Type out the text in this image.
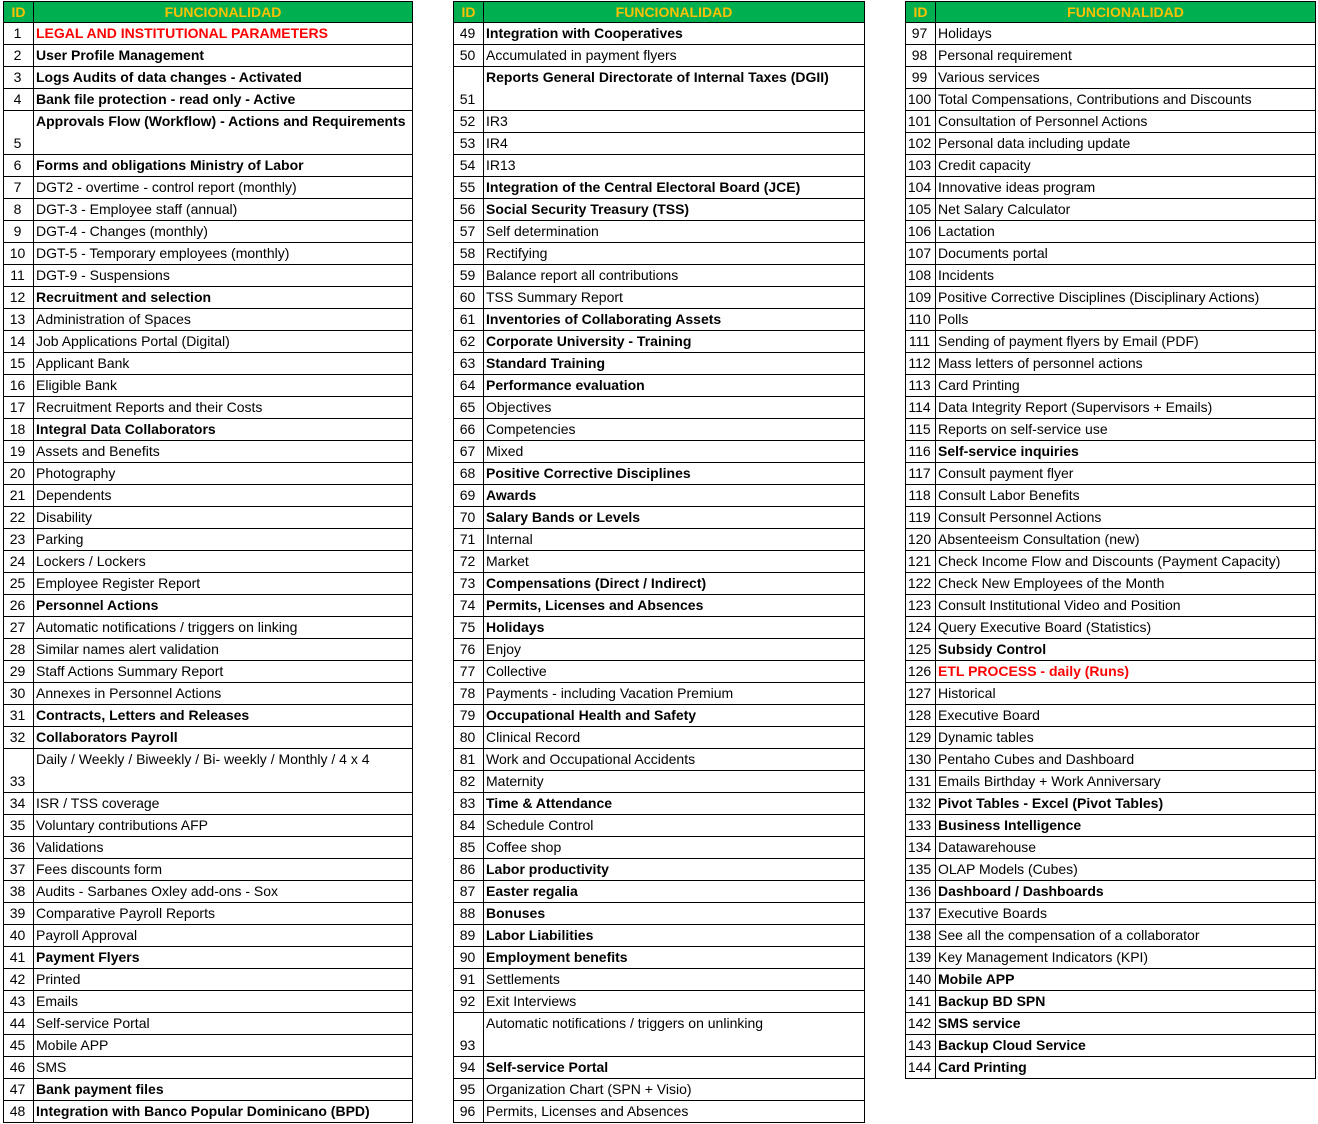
ID	FUNCIONALIDAD
1	LEGAL AND INSTITUTIONAL PARAMETERS
2	User Profile Management
3	Logs Audits of data changes - Activated
4	Bank file protection - read only - Active
5	Approvals Flow (Workflow) - Actions and Requirements
6	Forms and obligations Ministry of Labor
7	DGT2 - overtime - control report (monthly)
8	DGT-3 - Employee staff (annual)
9	DGT-4 - Changes (monthly)
10	DGT-5 - Temporary employees (monthly)
11	DGT-9 - Suspensions
12	Recruitment and selection
13	Administration of Spaces
14	Job Applications Portal (Digital)
15	Applicant Bank
16	Eligible Bank
17	Recruitment Reports and their Costs
18	Integral Data Collaborators
19	Assets and Benefits
20	Photography
21	Dependents
22	Disability
23	Parking
24	Lockers / Lockers
25	Employee Register Report
26	Personnel Actions
27	Automatic notifications / triggers on linking
28	Similar names alert validation
29	Staff Actions Summary Report
30	Annexes in Personnel Actions
31	Contracts, Letters and Releases
32	Collaborators Payroll
33	Daily / Weekly / Biweekly / Bi- weekly / Monthly / 4 x 4
34	ISR / TSS coverage
35	Voluntary contributions AFP
36	Validations
37	Fees discounts form
38	Audits - Sarbanes Oxley add-ons - Sox
39	Comparative Payroll Reports
40	Payroll Approval
41	Payment Flyers
42	Printed
43	Emails
44	Self-service Portal
45	Mobile APP
46	SMS
47	Bank payment files
48	Integration with Banco Popular Dominicano (BPD)
ID	FUNCIONALIDAD
49	Integration with Cooperatives
50	Accumulated in payment flyers
51	Reports General Directorate of Internal Taxes (DGII)
52	IR3
53	IR4
54	IR13
55	Integration of the Central Electoral Board (JCE)
56	Social Security Treasury (TSS)
57	Self determination
58	Rectifying
59	Balance report all contributions
60	TSS Summary Report
61	Inventories of Collaborating Assets
62	Corporate University - Training
63	Standard Training
64	Performance evaluation
65	Objectives
66	Competencies
67	Mixed
68	Positive Corrective Disciplines
69	Awards
70	Salary Bands or Levels
71	Internal
72	Market
73	Compensations (Direct / Indirect)
74	Permits, Licenses and Absences
75	Holidays
76	Enjoy
77	Collective
78	Payments - including Vacation Premium
79	Occupational Health and Safety
80	Clinical Record
81	Work and Occupational Accidents
82	Maternity
83	Time & Attendance
84	Schedule Control
85	Coffee shop
86	Labor productivity
87	Easter regalia
88	Bonuses
89	Labor Liabilities
90	Employment benefits
91	Settlements
92	Exit Interviews
93	Automatic notifications / triggers on unlinking
94	Self-service Portal
95	Organization Chart (SPN + Visio)
96	Permits, Licenses and Absences
ID	FUNCIONALIDAD
97	Holidays
98	Personal requirement
99	Various services
100	Total Compensations, Contributions and Discounts
101	Consultation of Personnel Actions
102	Personal data including update
103	Credit capacity
104	Innovative ideas program
105	Net Salary Calculator
106	Lactation
107	Documents portal
108	Incidents
109	Positive Corrective Disciplines (Disciplinary Actions)
110	Polls
111	Sending of payment flyers by Email (PDF)
112	Mass letters of personnel actions
113	Card Printing
114	Data Integrity Report (Supervisors + Emails)
115	Reports on self-service use
116	Self-service inquiries
117	Consult payment flyer
118	Consult Labor Benefits
119	Consult Personnel Actions
120	Absenteeism Consultation (new)
121	Check Income Flow and Discounts (Payment Capacity)
122	Check New Employees of the Month
123	Consult Institutional Video and Position
124	Query Executive Board (Statistics)
125	Subsidy Control
126	ETL PROCESS - daily (Runs)
127	Historical
128	Executive Board
129	Dynamic tables
130	Pentaho Cubes and Dashboard
131	Emails Birthday + Work Anniversary
132	Pivot Tables - Excel (Pivot Tables)
133	Business Intelligence
134	Datawarehouse
135	OLAP Models (Cubes)
136	Dashboard / Dashboards
137	Executive Boards
138	See all the compensation of a collaborator
139	Key Management Indicators (KPI)
140	Mobile APP
141	Backup BD SPN
142	SMS service
143	Backup Cloud Service
144	Card Printing
